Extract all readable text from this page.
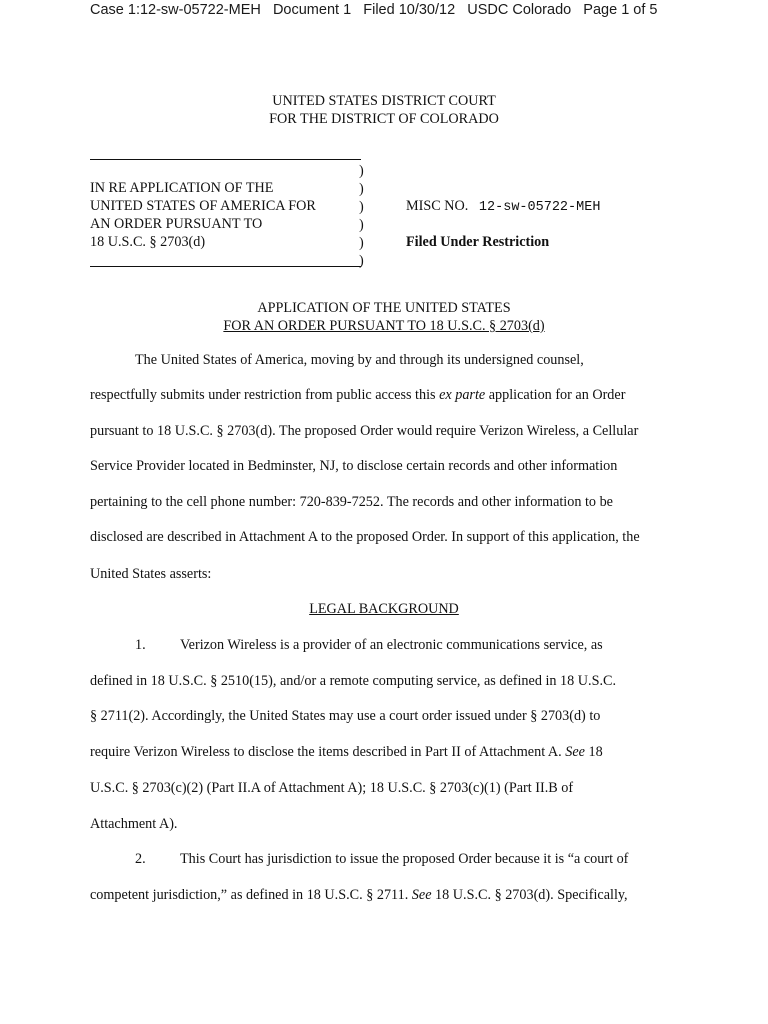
Case 1:12-sw-05722-MEH Document 1 Filed 10/30/12 USDC Colorado Page 1 of 5
UNITED STATES DISTRICT COURT
FOR THE DISTRICT OF COLORADO
)
)
)
)
)
)
IN RE APPLICATION OF THE
UNITED STATES OF AMERICA FOR
AN ORDER PURSUANT TO
18 U.S.C. § 2703(d)
MISC NO. 12-sw-05722-MEH
Filed Under Restriction
APPLICATION OF THE UNITED STATES
FOR AN ORDER PURSUANT TO 18 U.S.C. § 2703(d)
The United States of America, moving by and through its undersigned counsel,
respectfully submits under restriction from public access this ex parte application for an Order
pursuant to 18 U.S.C. § 2703(d). The proposed Order would require Verizon Wireless, a Cellular
Service Provider located in Bedminster, NJ, to disclose certain records and other information
pertaining to the cell phone number: 720-839-7252. The records and other information to be
disclosed are described in Attachment A to the proposed Order. In support of this application, the
United States asserts:
LEGAL BACKGROUND
1. Verizon Wireless is a provider of an electronic communications service, as
defined in 18 U.S.C. § 2510(15), and/or a remote computing service, as defined in 18 U.S.C.
§ 2711(2). Accordingly, the United States may use a court order issued under § 2703(d) to
require Verizon Wireless to disclose the items described in Part II of Attachment A. See 18
U.S.C. § 2703(c)(2) (Part II.A of Attachment A); 18 U.S.C. § 2703(c)(1) (Part II.B of
Attachment A).
2. This Court has jurisdiction to issue the proposed Order because it is “a court of
competent jurisdiction,” as defined in 18 U.S.C. § 2711. See 18 U.S.C. § 2703(d). Specifically,
